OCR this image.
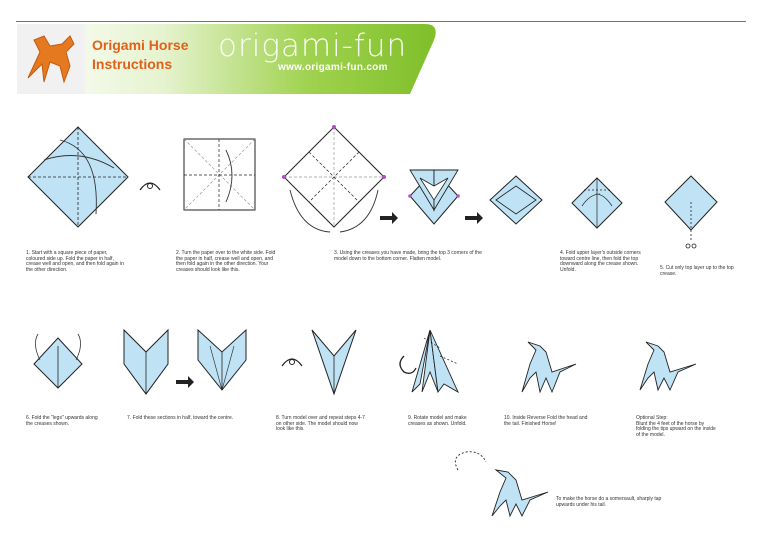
Origami Horse
Instructions	origami-fun
www.origami-fun.com
1. Start with a square piece of paper, coloured side up. Fold the paper in half, crease well and open, and then fold again in the other direction.
2. Turn the paper over to the white side. Fold the paper in half, crease well and open, and then fold again in the other direction. Your creases should look like this.
3. Using the creases you have made, bring the top 3 corners of the model down to the bottom corner. Flatten model.
4. Fold upper layer's outside corners toward centre line, then fold the top downward along the crease shown. Unfold.	5. Cut only top layer up to the top crease.
6. Fold the "legs" upwards along the creases shown.
7. Fold these sections in half, toward the centre.	8. Turn model over and repeat steps 4-7 on other side. The model should now look like this.
9. Rotate model and make creases as shown. Unfold.
10. Inside Reverse Fold the head and the tail. Finished Horse!
Optional Step:
Blunt the 4 feet of the horse by folding the tips upward on the inside of the model.
To make the horse do a somersault, sharply tap upwards under his tail.
